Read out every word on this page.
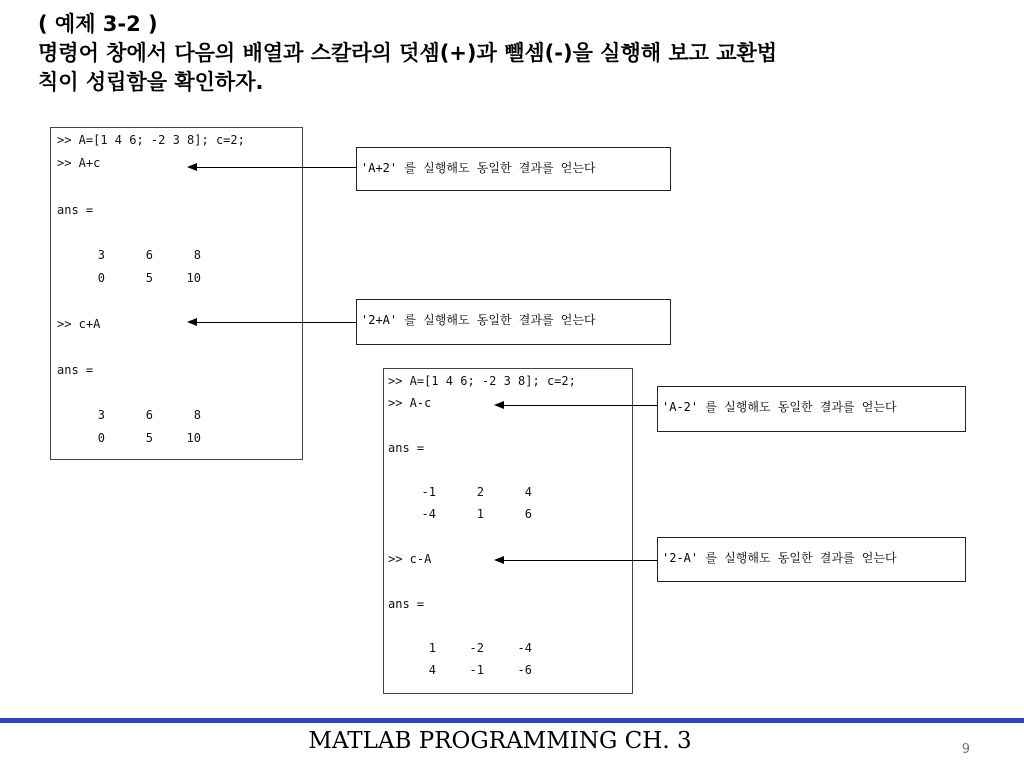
( 예제 3-2 )
명령어 창에서 다음의 배열과 스칼라의 덧셈(+)과 뺄셈(-)을 실행해 보고 교환법
칙이 성립함을 확인하자.
>> A=[1 4 6; -2 3 8]; c=2;
>> A+c
ans =
3	6	8
0	5	10
>> c+A
ans =
3	6	8
0	5	10
>> A=[1 4 6; -2 3 8]; c=2;
>> A-c
ans =
-1	2	4
-4	1	6
>> c-A
ans =
1	-2	-4
4	-1	-6
'A+2' 를 실행해도 동일한 결과를 얻는다
'2+A' 를 실행해도 동일한 결과를 얻는다
'A-2' 를 실행해도 동일한 결과를 얻는다
'2-A' 를 실행해도 동일한 결과를 얻는다
MATLAB PROGRAMMING CH. 3	9
